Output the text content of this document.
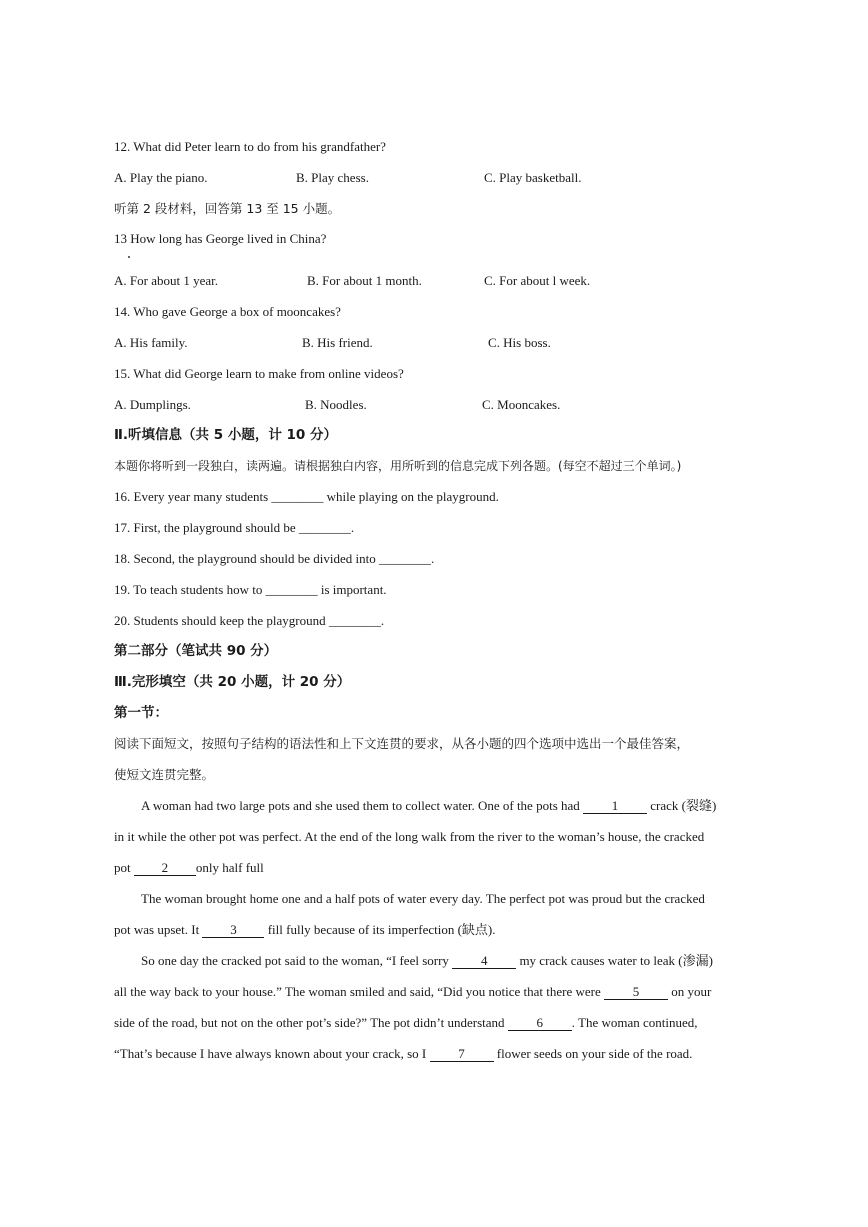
12. What did Peter learn to do from his grandfather?
A. Play the piano.	B. Play chess.	C. Play basketball.
听第 2 段材料，回答第 13 至 15 小题。
13 How long has George lived in China?
A. For about 1 year.	B. For about 1 month.	C. For about l week.
14. Who gave George a box of mooncakes?
A. His family.	B. His friend.	C. His boss.
15. What did George learn to make from online videos?
A. Dumplings.	B. Noodles.	C. Mooncakes.
Ⅱ.听填信息（共 5 小题，计 10 分）
本题你将听到一段独白，读两遍。请根据独白内容，用所听到的信息完成下列各题。(每空不超过三个单词。)
16. Every year many students ________ while playing on the playground.
17. First, the playground should be ________.
18. Second, the playground should be divided into ________.
19. To teach students how to ________ is important.
20. Students should keep the playground ________.
第二部分（笔试共 90 分）
Ⅲ.完形填空（共 20 小题，计 20 分）
第一节：
阅读下面短文，按照句子结构的语法性和上下文连贯的要求，从各小题的四个选项中选出一个最佳答案，
使短文连贯完整。
A woman had two large pots and she used them to collect water. One of the pots had 1 crack (裂缝)
in it while the other pot was perfect. At the end of the long walk from the river to the woman’s house, the cracked
pot 2 only half full
The woman brought home one and a half pots of water every day. The perfect pot was proud but the cracked
pot was upset. It 3 fill fully because of its imperfection (缺点).
So one day the cracked pot said to the woman, “I feel sorry 4 my crack causes water to leak (渗漏)
all the way back to your house.” The woman smiled and said, “Did you notice that there were 5 on your
side of the road, but not on the other pot’s side?” The pot didn’t understand 6 . The woman continued,
“That’s because I have always known about your crack, so I 7 flower seeds on your side of the road.
